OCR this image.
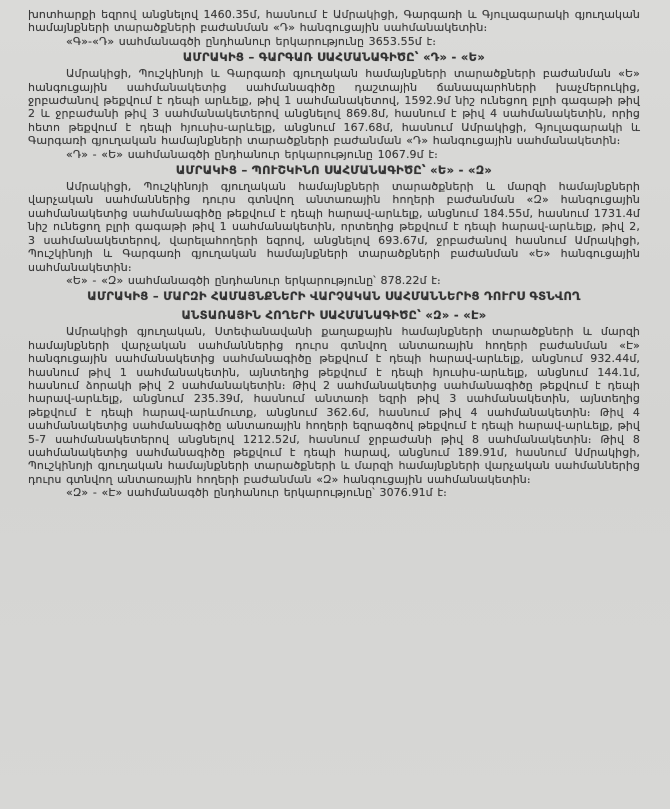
խոտհարքի եզրով անցնելով 1460.35մ, հասնում է Ամրակիցի, Գարգառի և Գյուլագարակի գյուղական համայնքների տարածքների բաժանման «Դ» հանգուցային սահմանակետին։

«Գ»-«Դ» սահմանագծի ընդհանուր երկարությունը 3653.55մ է։

ԱՄՐԱԿԻՑ – ԳԱՐԳԱՌ ՍԱՀՄԱՆԱԳԻԾԸ՝ «Դ» - «Ե»

Ամրակիցի, Պուշկինոյի և Գարգառի գյուղական համայնքների տարածքների բաժանման «Ե» հանգուցային սահմանակետից սահմանագիծը դաշտային ճանապարհների խաչմերուկից, ջրբաժանով թեքվում է դեպի արևելք, թիվ 1 սահմանակետով, 1592.9մ նիշ ունեցող բլրի գագաթի թիվ 2 և ջրբաժանի թիվ 3 սահմանակետերով անցնելով 869.8մ, հասնում է թիվ 4 սահմանակետին, որից հետո թեքվում է դեպի հյուսիս-արևելք, անցնում 167.68մ, հասնում Ամրակիցի, Գյուլագարակի և Գարգառի գյուղական համայնքների տարածքների բաժանման «Դ» հանգուցային սահմանակետին։

«Դ» - «Ե» սահմանագծի ընդհանուր երկարությունը 1067.9մ է։

ԱՄՐԱԿԻՑ – ՊՈՒՇԿԻՆՈ ՍԱՀՄԱՆԱԳԻԾԸ՝ «Ե» - «Զ»

Ամրակիցի, Պուշկինոյի գյուղական համայնքների տարածքների և մարզի համայնքների վարչական սահմաններից դուրս գտնվող անտառային հողերի բաժանման «Զ» հանգուցային սահմանակետից սահմանագիծը թեքվում է դեպի հարավ-արևելք, անցնում 184.55մ, հասնում 1731.4մ նիշ ունեցող բլրի գագաթի թիվ 1 սահմանակետին, որտեղից թեքվում է դեպի հարավ-արևելք, թիվ 2, 3 սահմանակետերով, վարելահողերի եզրով, անցնելով 693.67մ, ջրբաժանով հասնում Ամրակիցի, Պուշկինոյի և Գարգառի գյուղական համայնքների տարածքների բաժանման «Ե» հանգուցային սահմանակետին։

«Ե» - «Զ» սահմանագծի ընդհանուր երկարությունը՝ 878.22մ է։

ԱՄՐԱԿԻՑ – ՄԱՐԶԻ ՀԱՄԱՅՆՔՆԵՐԻ ՎԱՐՉԱԿԱՆ ՍԱՀՄԱՆՆԵՐԻՑ ԴՈՒՐՍ ԳՏՆՎՈՂ
ԱՆՏԱՌԱՅԻՆ ՀՈՂԵՐԻ ՍԱՀՄԱՆԱԳԻԾԸ՝ «Զ» - «Է»

Ամրակիցի գյուղական, Ստեփանավանի քաղաքային համայնքների տարածքների և մարզի համայնքների վարչական սահմաններից դուրս գտնվող անտառային հողերի բաժանման «Է» հանգուցային սահմանակետից սահմանագիծը թեքվում է դեպի հարավ-արևելք, անցնում 932.44մ, հասնում թիվ 1 սահմանակետին, այնտեղից թեքվում է դեպի հյուսիս-արևելք, անցնում 144.1մ, հասնում ձորակի թիվ 2 սահմանակետին։ Թիվ 2 սահմանակետից սահմանագիծը թեքվում է դեպի հարավ-արևելք, անցնում 235.39մ, հասնում անտառի եզրի թիվ 3 սահմանակետին, այնտեղից թեքվում է դեպի հարավ-արևմուտք, անցնում 362.6մ, հասնում թիվ 4 սահմանակետին։ Թիվ 4 սահմանակետից սահմանագիծը անտառային հողերի եզրագծով թեքվում է դեպի հարավ-արևելք, թիվ 5-7 սահմանակետերով անցնելով 1212.52մ, հասնում ջրբաժանի թիվ 8 սահմանակետին։ Թիվ 8 սահմանակետից սահմանագիծը թեքվում է դեպի հարավ, անցնում 189.91մ, հասնում Ամրակիցի, Պուշկինոյի գյուղական համայնքների տարածքների և մարզի համայնքների վարչական սահմաններից դուրս գտնվող անտառային հողերի բաժանման «Զ» հանգուցային սահմանակետին։

«Զ» - «Է» սահմանագծի ընդհանուր երկարությունը՝ 3076.91մ է։
